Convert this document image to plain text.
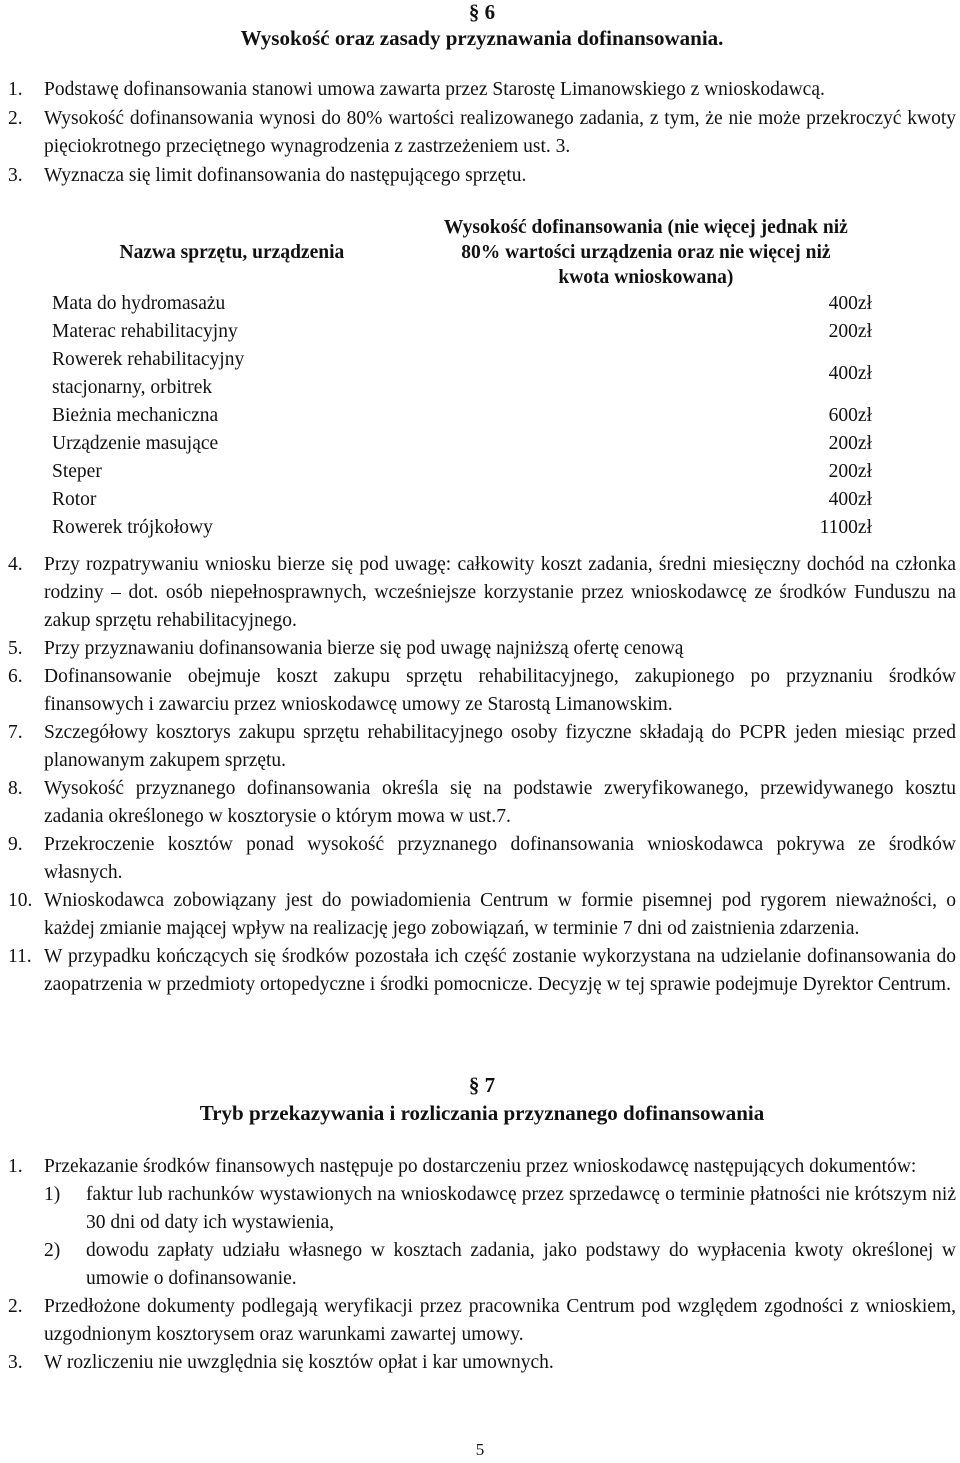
§ 6
Wysokość oraz zasady przyznawania dofinansowania.
1.	Podstawę dofinansowania stanowi umowa zawarta przez Starostę Limanowskiego z wnioskodawcą.
2.	Wysokość dofinansowania wynosi do 80% wartości realizowanego zadania, z tym, że nie może przekroczyć kwoty pięciokrotnego przeciętnego wynagrodzenia z zastrzeżeniem ust. 3.
3.	Wyznacza się limit dofinansowania do następującego sprzętu.
Nazwa sprzętu, urządzenia	Wysokość dofinansowania (nie więcej jednak niż 80% wartości urządzenia oraz nie więcej niż kwota wnioskowana)
Mata do hydromasażu	400zł
Materac rehabilitacyjny	200zł
Rowerek rehabilitacyjny stacjonarny, orbitrek	400zł
Bieżnia mechaniczna	600zł
Urządzenie masujące	200zł
Steper	200zł
Rotor	400zł
Rowerek trójkołowy	1100zł
4.	Przy rozpatrywaniu wniosku bierze się pod uwagę: całkowity koszt zadania, średni miesięczny dochód na członka rodziny – dot. osób niepełnosprawnych, wcześniejsze korzystanie przez wnioskodawcę ze środków Funduszu na zakup sprzętu rehabilitacyjnego.
5.	Przy przyznawaniu dofinansowania bierze się pod uwagę najniższą ofertę cenową
6.	Dofinansowanie obejmuje koszt zakupu sprzętu rehabilitacyjnego, zakupionego po przyznaniu środków finansowych i zawarciu przez wnioskodawcę umowy ze Starostą Limanowskim.
7.	Szczegółowy kosztorys zakupu sprzętu rehabilitacyjnego osoby fizyczne składają do PCPR jeden miesiąc przed planowanym zakupem sprzętu.
8.	Wysokość przyznanego dofinansowania określa się na podstawie zweryfikowanego, przewidywanego kosztu zadania określonego w kosztorysie o którym mowa w ust.7.
9.	Przekroczenie kosztów ponad wysokość przyznanego dofinansowania wnioskodawca pokrywa ze środków własnych.
10. Wnioskodawca zobowiązany jest do powiadomienia Centrum w formie pisemnej pod rygorem nieważności, o każdej zmianie mającej wpływ na realizację jego zobowiązań, w terminie 7 dni od zaistnienia zdarzenia.
11. W przypadku kończących się środków pozostała ich część zostanie wykorzystana na udzielanie dofinansowania do zaopatrzenia w przedmioty ortopedyczne i środki pomocnicze. Decyzję w tej sprawie podejmuje Dyrektor Centrum.
§ 7
Tryb przekazywania i rozliczania przyznanego dofinansowania
1.	Przekazanie środków finansowych następuje po dostarczeniu przez wnioskodawcę następujących dokumentów:
1)	faktur lub rachunków wystawionych na wnioskodawcę przez sprzedawcę o terminie płatności nie krótszym niż 30 dni od daty ich wystawienia,
2)	dowodu zapłaty udziału własnego w kosztach zadania, jako podstawy do wypłacenia kwoty określonej w umowie o dofinansowanie.
2.	Przedłożone dokumenty podlegają weryfikacji przez pracownika Centrum pod względem zgodności z wnioskiem, uzgodnionym kosztorysem oraz warunkami zawartej umowy.
3.	W rozliczeniu nie uwzględnia się kosztów opłat i kar umownych.
5
